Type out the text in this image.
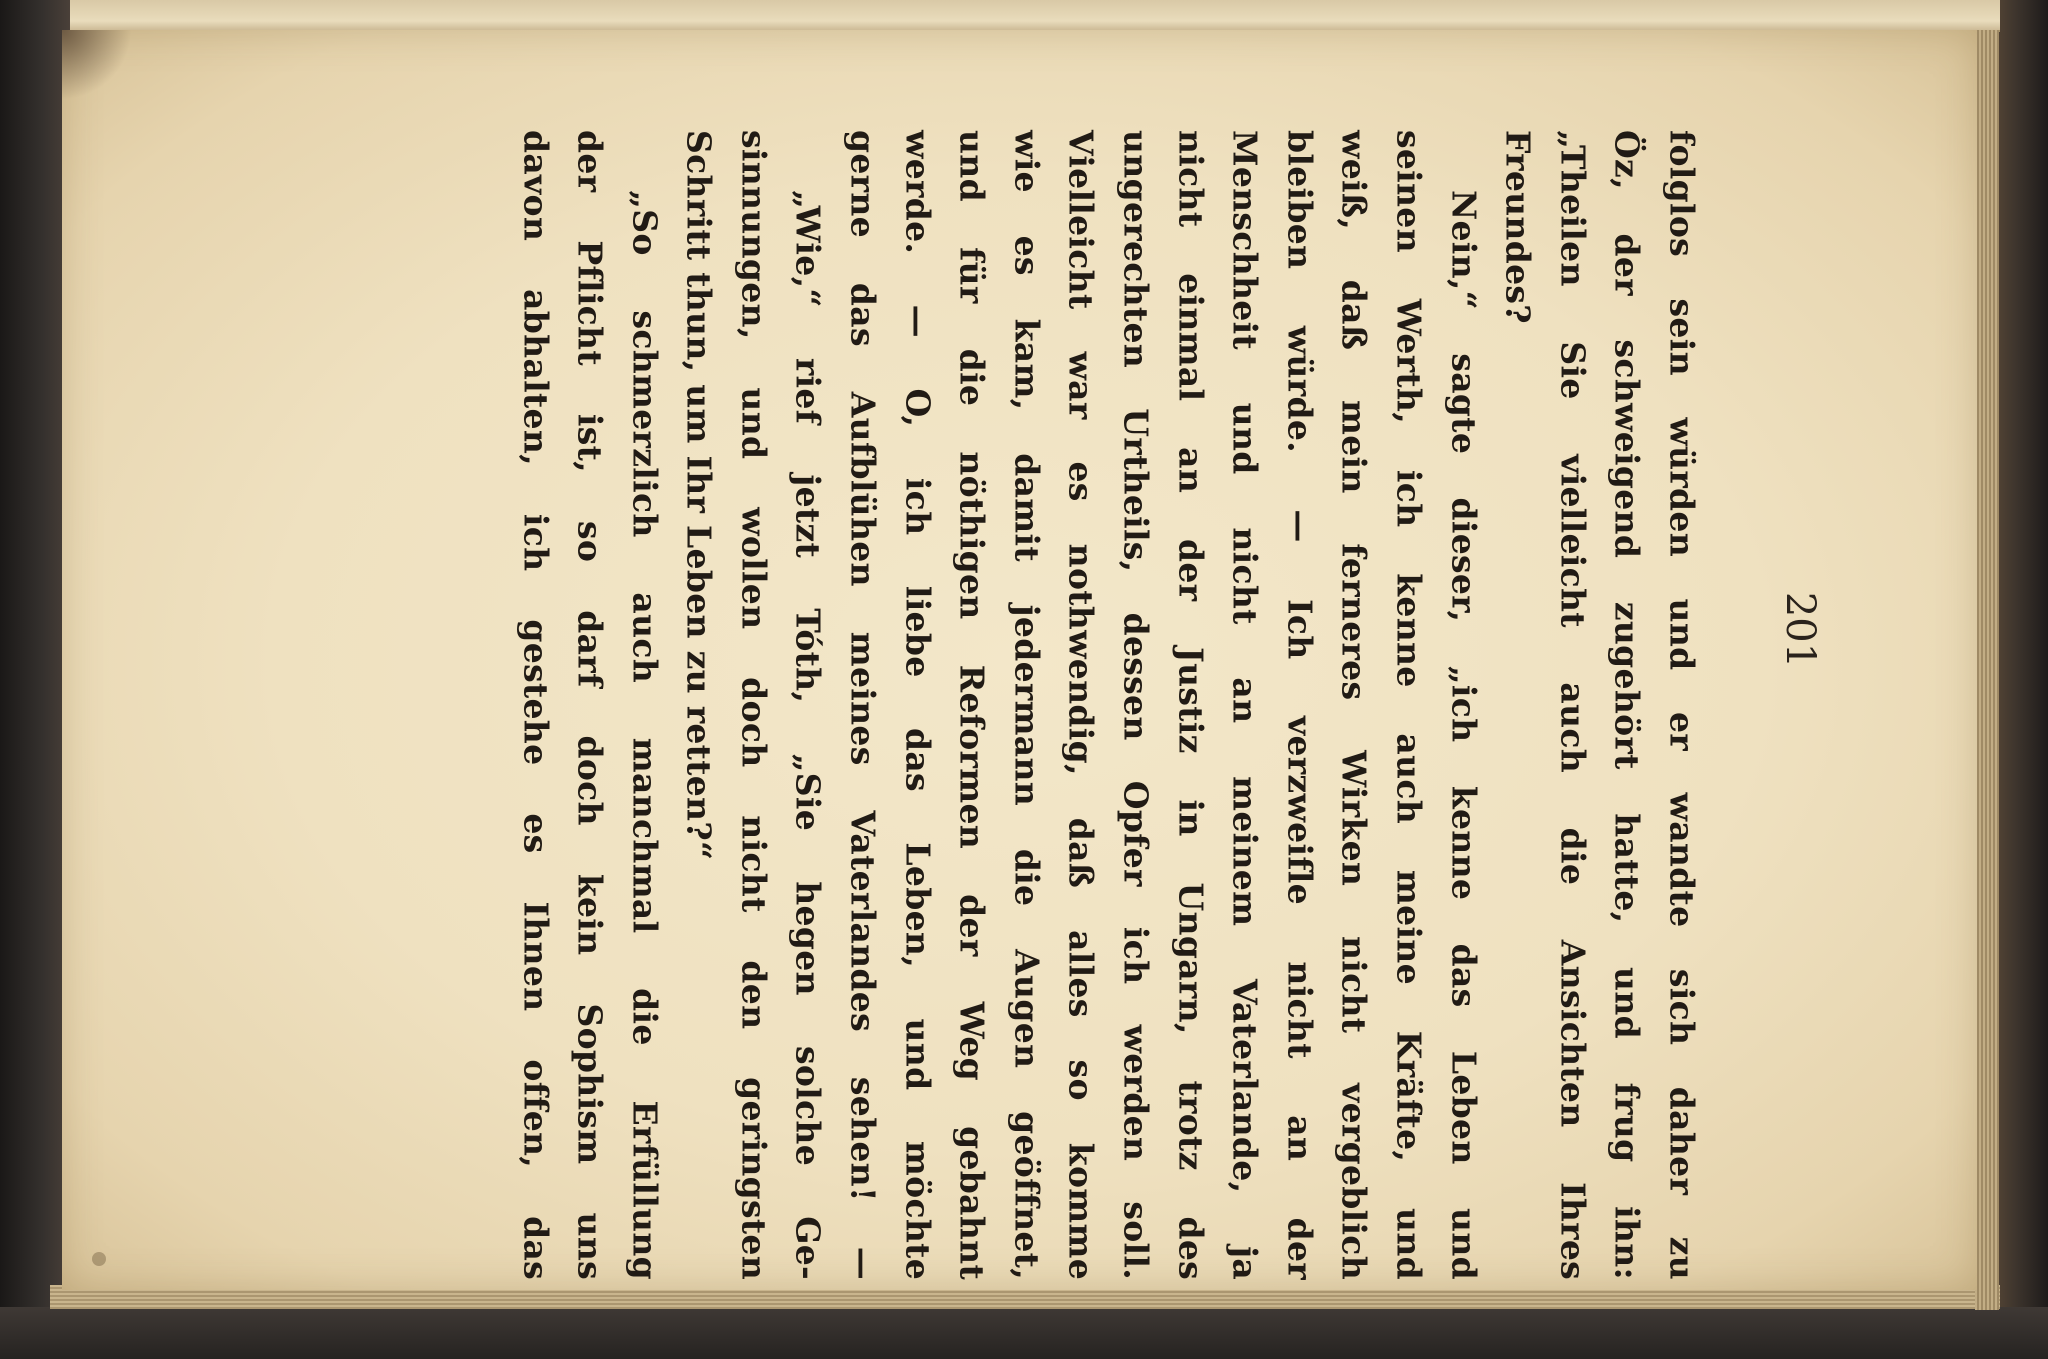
201
folglos sein würden und er wandte sich daher zu
Öz, der schweigend zugehört hatte, und frug ihn:
„Theilen Sie vielleicht auch die Ansichten Ihres
Freundes?
Nein,“ sagte dieser, „ich kenne das Leben und
seinen Werth, ich kenne auch meine Kräfte, und
weiß, daß mein ferneres Wirken nicht vergeblich
bleiben würde. — Ich verzweifle nicht an der
Menschheit und nicht an meinem Vaterlande, ja
nicht einmal an der Justiz in Ungarn, trotz des
ungerechten Urtheils, dessen Opfer ich werden soll.
Vielleicht war es nothwendig, daß alles so komme
wie es kam, damit jedermann die Augen geöffnet,
und für die nöthigen Reformen der Weg gebahnt
werde. — O, ich liebe das Leben, und möchte
gerne das Aufblühen meines Vaterlandes sehen! —
„Wie,“ rief jetzt Tóth, „Sie hegen solche Ge-
sinnungen, und wollen doch nicht den geringsten
Schritt thun, um Ihr Leben zu retten?“
„So schmerzlich auch manchmal die Erfüllung
der Pflicht ist, so darf doch kein Sophism uns
davon abhalten, ich gestehe es Ihnen offen, das
